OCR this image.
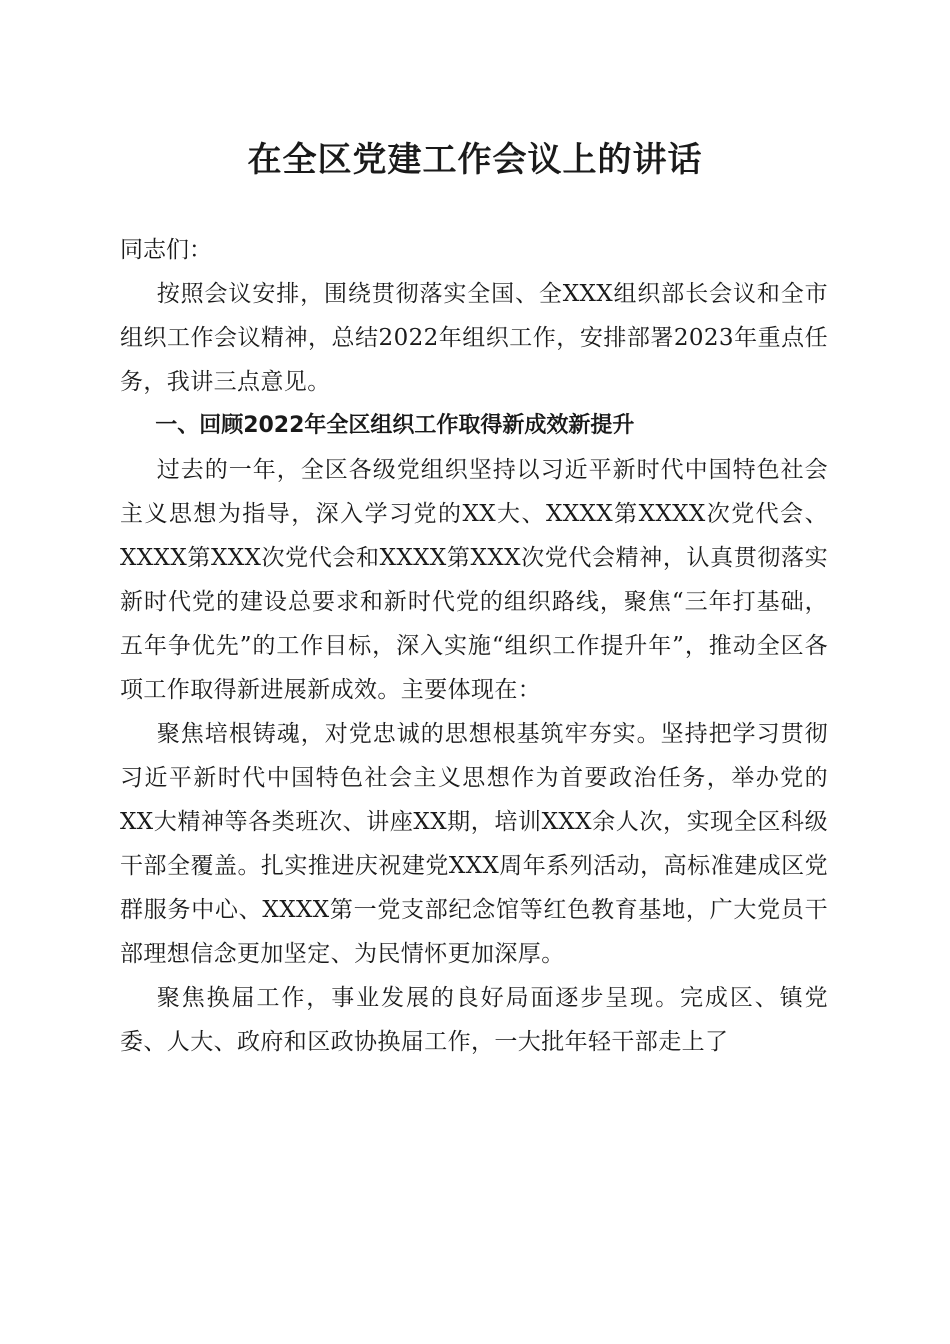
在全区党建工作会议上的讲话

同志们：

按照会议安排，围绕贯彻落实全国、全XXX组织部长会议和全市组织工作会议精神，总结2022年组织工作，安排部署2023年重点任务，我讲三点意见。

一、回顾2022年全区组织工作取得新成效新提升

过去的一年，全区各级党组织坚持以习近平新时代中国特色社会主义思想为指导，深入学习党的XX大、XXXX第XXXX次党代会、XXXX第XXX次党代会和XXXX第XXX次党代会精神，认真贯彻落实新时代党的建设总要求和新时代党的组织路线，聚焦“三年打基础，五年争优先”的工作目标，深入实施“组织工作提升年”，推动全区各项工作取得新进展新成效。主要体现在：

聚焦培根铸魂，对党忠诚的思想根基筑牢夯实。坚持把学习贯彻习近平新时代中国特色社会主义思想作为首要政治任务，举办党的XX大精神等各类班次、讲座XX期，培训XXX余人次，实现全区科级干部全覆盖。扎实推进庆祝建党XXX周年系列活动，高标准建成区党群服务中心、XXXX第一党支部纪念馆等红色教育基地，广大党员干部理想信念更加坚定、为民情怀更加深厚。

聚焦换届工作，事业发展的良好局面逐步呈现。完成区、镇党委、人大、政府和区政协换届工作，一大批年轻干部走上了
